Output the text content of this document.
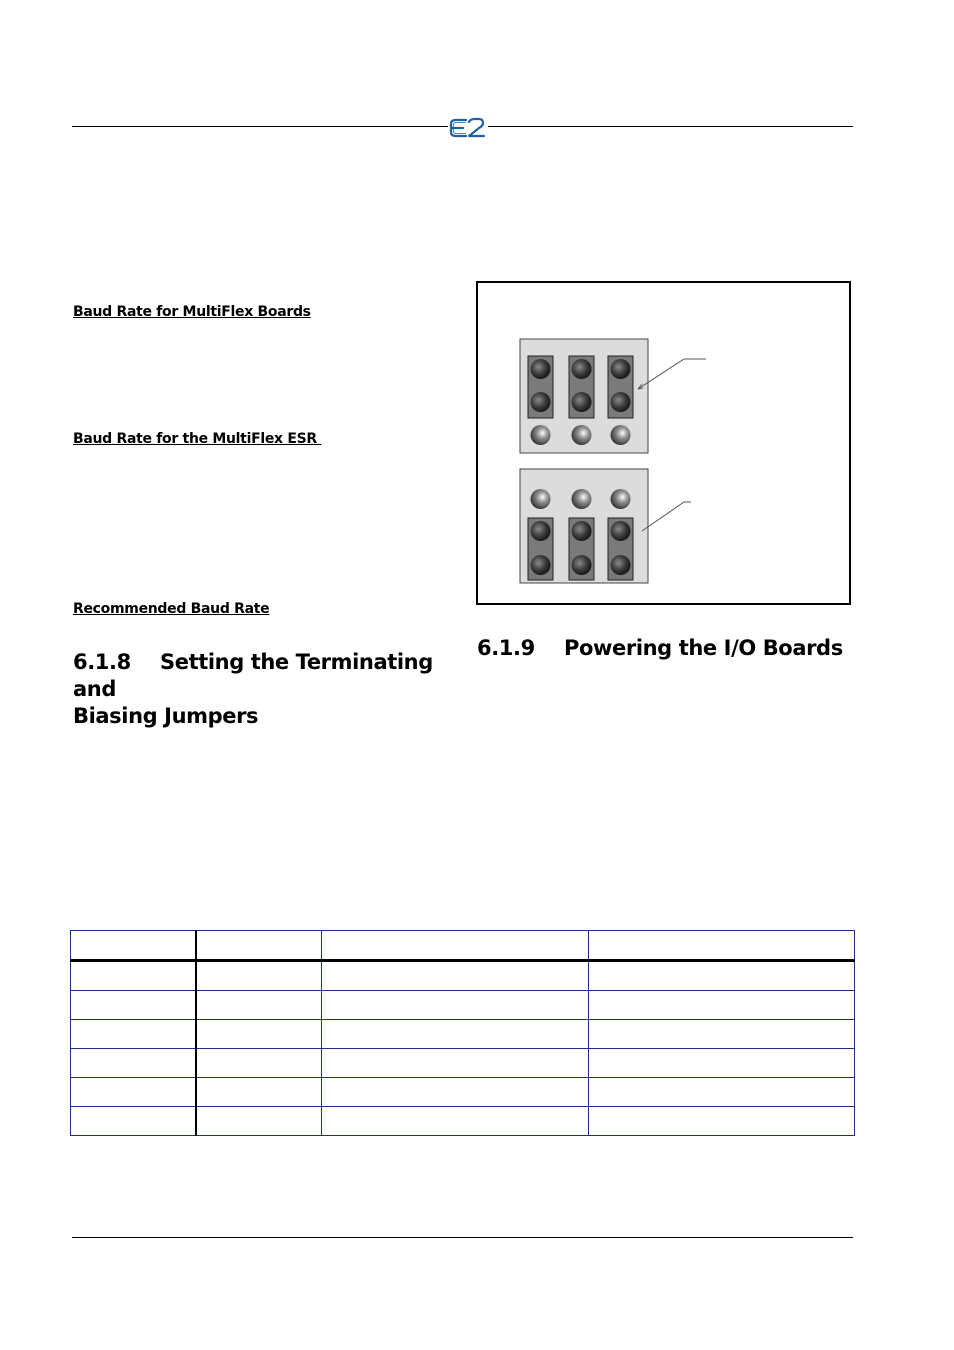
Baud Rate for MultiFlex Boards
Baud Rate for the MultiFlex ESR
Recommended Baud Rate
6.1.8 Setting the Terminating and
Biasing Jumpers
6.1.9 Powering the I/O Boards
